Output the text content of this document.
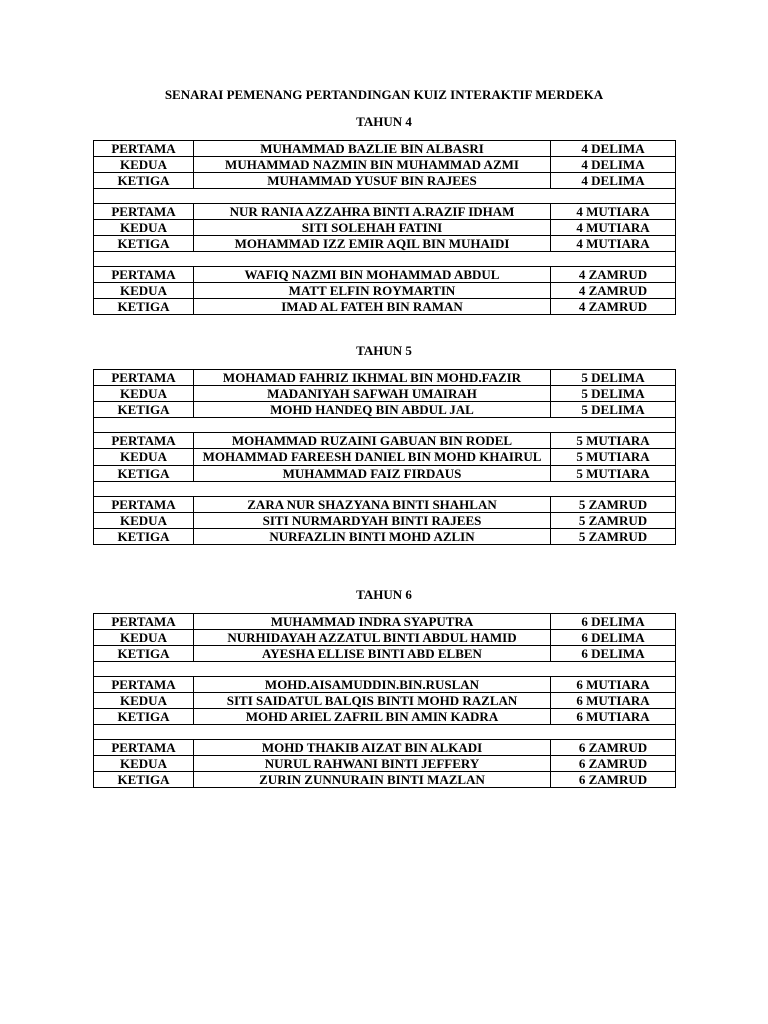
SENARAI PEMENANG PERTANDINGAN KUIZ INTERAKTIF MERDEKA
TAHUN 4
PERTAMA	MUHAMMAD BAZLIE BIN ALBASRI	4 DELIMA
KEDUA	MUHAMMAD NAZMIN BIN MUHAMMAD AZMI	4 DELIMA
KETIGA	MUHAMMAD YUSUF BIN RAJEES	4 DELIMA

PERTAMA	NUR RANIA AZZAHRA BINTI A.RAZIF IDHAM	4 MUTIARA
KEDUA	SITI SOLEHAH FATINI	4 MUTIARA
KETIGA	MOHAMMAD IZZ EMIR AQIL BIN MUHAIDI	4 MUTIARA

PERTAMA	WAFIQ NAZMI BIN MOHAMMAD ABDUL	4 ZAMRUD
KEDUA	MATT ELFIN ROYMARTIN	4 ZAMRUD
KETIGA	IMAD AL FATEH BIN RAMAN	4 ZAMRUD
TAHUN 5
PERTAMA	MOHAMAD FAHRIZ IKHMAL BIN MOHD.FAZIR	5 DELIMA
KEDUA	MADANIYAH SAFWAH UMAIRAH	5 DELIMA
KETIGA	MOHD HANDEQ BIN ABDUL JAL	5 DELIMA

PERTAMA	MOHAMMAD RUZAINI GABUAN BIN RODEL	5 MUTIARA
KEDUA	MOHAMMAD FAREESH DANIEL BIN MOHD KHAIRUL	5 MUTIARA
KETIGA	MUHAMMAD FAIZ FIRDAUS	5 MUTIARA

PERTAMA	ZARA NUR SHAZYANA BINTI SHAHLAN	5 ZAMRUD
KEDUA	SITI NURMARDYAH BINTI RAJEES	5 ZAMRUD
KETIGA	NURFAZLIN BINTI MOHD AZLIN	5 ZAMRUD
TAHUN 6
PERTAMA	MUHAMMAD INDRA SYAPUTRA	6 DELIMA
KEDUA	NURHIDAYAH AZZATUL BINTI ABDUL HAMID	6 DELIMA
KETIGA	AYESHA ELLISE BINTI ABD ELBEN	6 DELIMA

PERTAMA	MOHD.AISAMUDDIN.BIN.RUSLAN	6 MUTIARA
KEDUA	SITI SAIDATUL BALQIS BINTI MOHD RAZLAN	6 MUTIARA
KETIGA	MOHD ARIEL ZAFRIL BIN AMIN KADRA	6 MUTIARA

PERTAMA	MOHD THAKIB AIZAT BIN ALKADI	6 ZAMRUD
KEDUA	NURUL RAHWANI BINTI JEFFERY	6 ZAMRUD
KETIGA	ZURIN ZUNNURAIN BINTI MAZLAN	6 ZAMRUD
